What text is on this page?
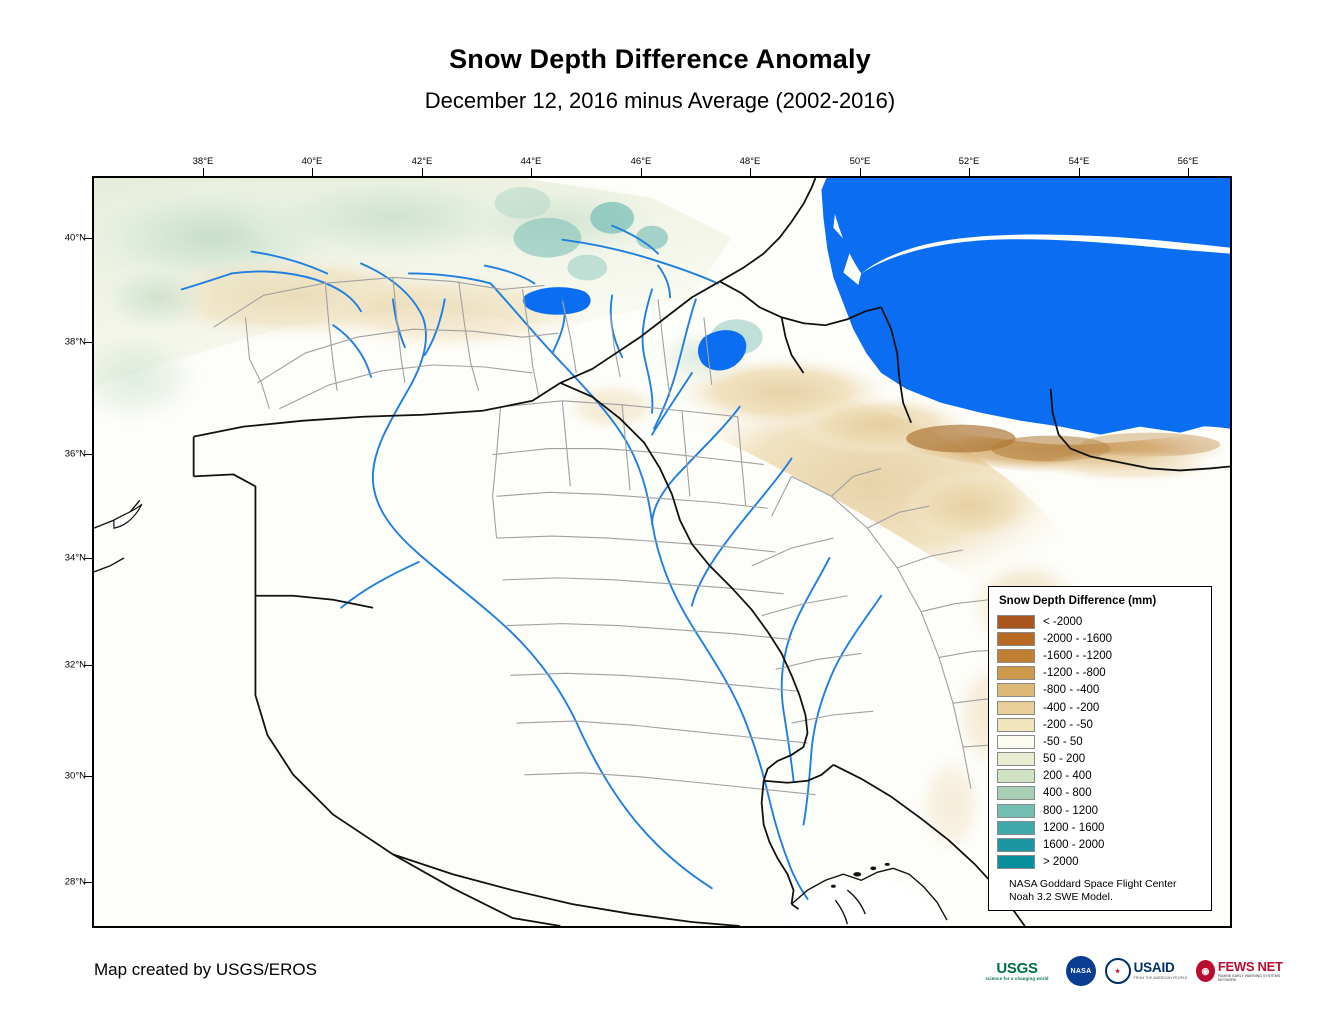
Snow Depth Difference Anomaly
December 12, 2016 minus Average (2002-2016)
38°E	40°E	42°E	44°E	46°E	48°E	50°E	52°E	54°E	56°E
40°N
38°N
36°N
34°N
32°N
30°N
28°N
Snow Depth Difference (mm)
< -2000
-2000 - -1600
-1600 - -1200
-1200 - -800
-800 - -400
-400 - -200
-200 - -50
-50 - 50
50 - 200
200 - 400
400 - 800
800 - 1200
1200 - 1600
1600 - 2000
> 2000
NASA Goddard Space Flight Center
Noah 3.2 SWE Model.
Map created by USGS/EROS	USGS
science for a changing world
NASA	★ USAID
FROM THE AMERICAN PEOPLE
◉ FEWS NET
FAMINE EARLY WARNING SYSTEMS NETWORK
